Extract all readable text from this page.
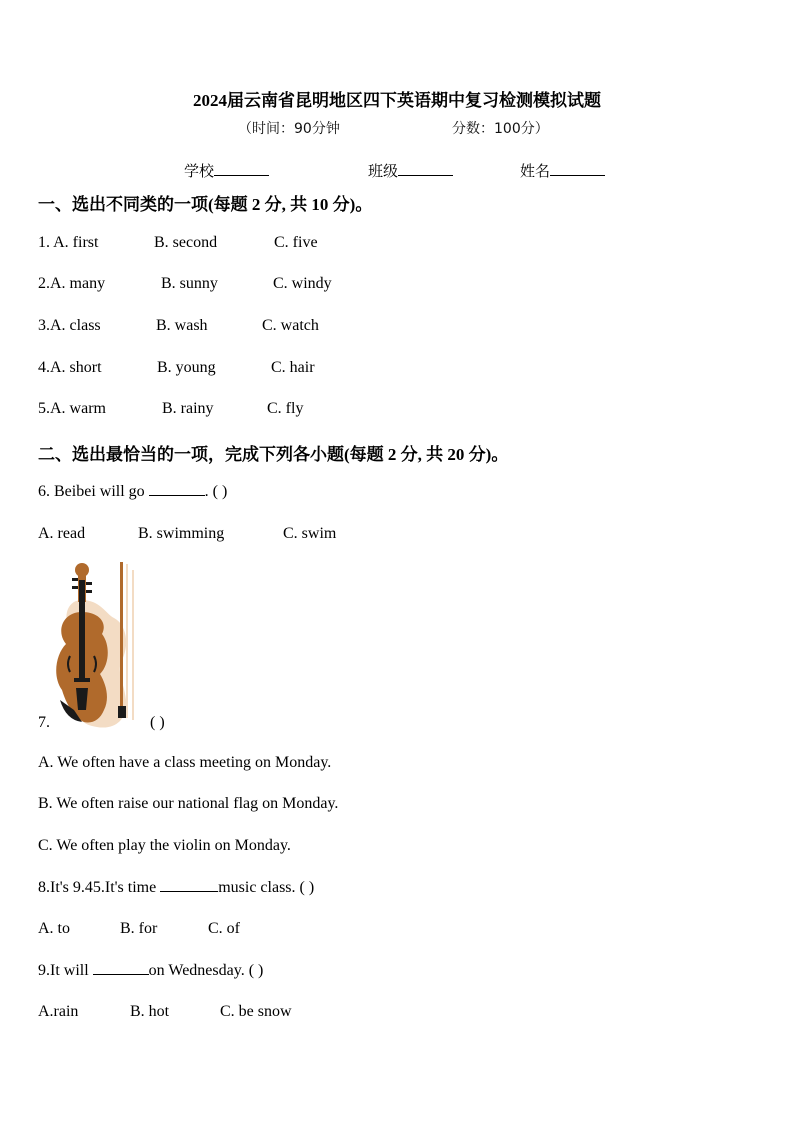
2024届云南省昆明地区四下英语期中复习检测模拟试题
（时间：90分钟	分数：100分）
学校	班级	姓名
一、选出不同类的一项(每题 2 分, 共 10 分)。
1. A. first	B. second	C. five
2.A. many	B. sunny	C. windy
3.A. class	B. wash	C. watch
4.A. short	B. young	C. hair
5.A. warm	B. rainy	C. fly
二、选出最恰当的一项，完成下列各小题(每题 2 分, 共 20 分)。
6. Beibei will go	. ( )
A. read	B. swimming	C. swim
7.	( )
A. We often have a class meeting on Monday.
B. We often raise our national flag on Monday.
C. We often play the violin on Monday.
8.It's 9.45.It's time	music class. ( )
A. to	B. for	C. of
9.It will	on Wednesday. ( )
A.rain	B. hot	C. be snow
